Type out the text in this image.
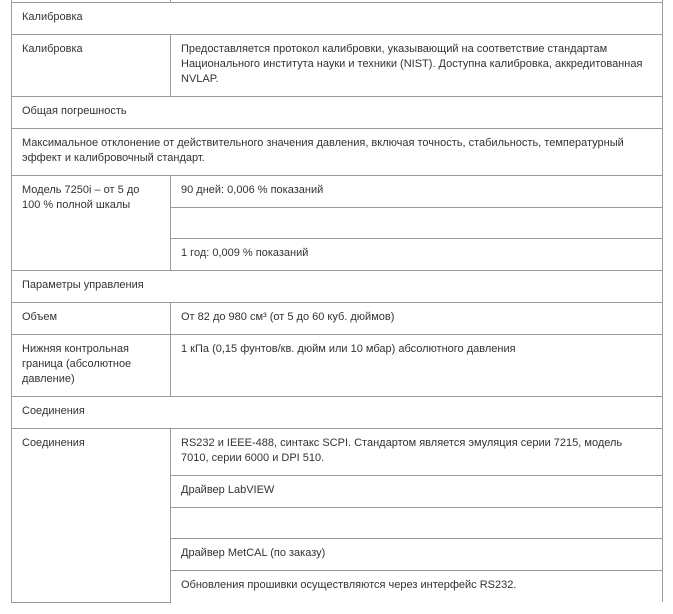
Калибровка	
Калибровка	Предоставляется протокол калибровки, указывающий на соответствие стандартам Национального института науки и техники (NIST). Доступна калибровка, аккредитованная NVLAP.
Общая погрешность	
Максимальное отклонение от действительного значения давления, включая точность, стабильность, температурный эффект и калибровочный стандарт.	
Модель 7250i – от 5 до 100 % полной шкалы	90 дней: 0,006 % показаний

	1 год: 0,009 % показаний
Параметры управления	
Объем	От 82 до 980 см³ (от 5 до 60 куб. дюймов)
Нижняя контрольная граница (абсолютное давление)	1 кПа (0,15 фунтов/кв. дюйм или 10 мбар) абсолютного давления
Соединения	
Соединения	RS232 и IEEE-488, синтакс SCPI. Стандартом является эмуляция серии 7215, модель 7010, серии 6000 и DPI 510.
	Драйвер LabVIEW

	Драйвер MetCAL (по заказу)
	Обновления прошивки осуществляются через интерфейс RS232.
